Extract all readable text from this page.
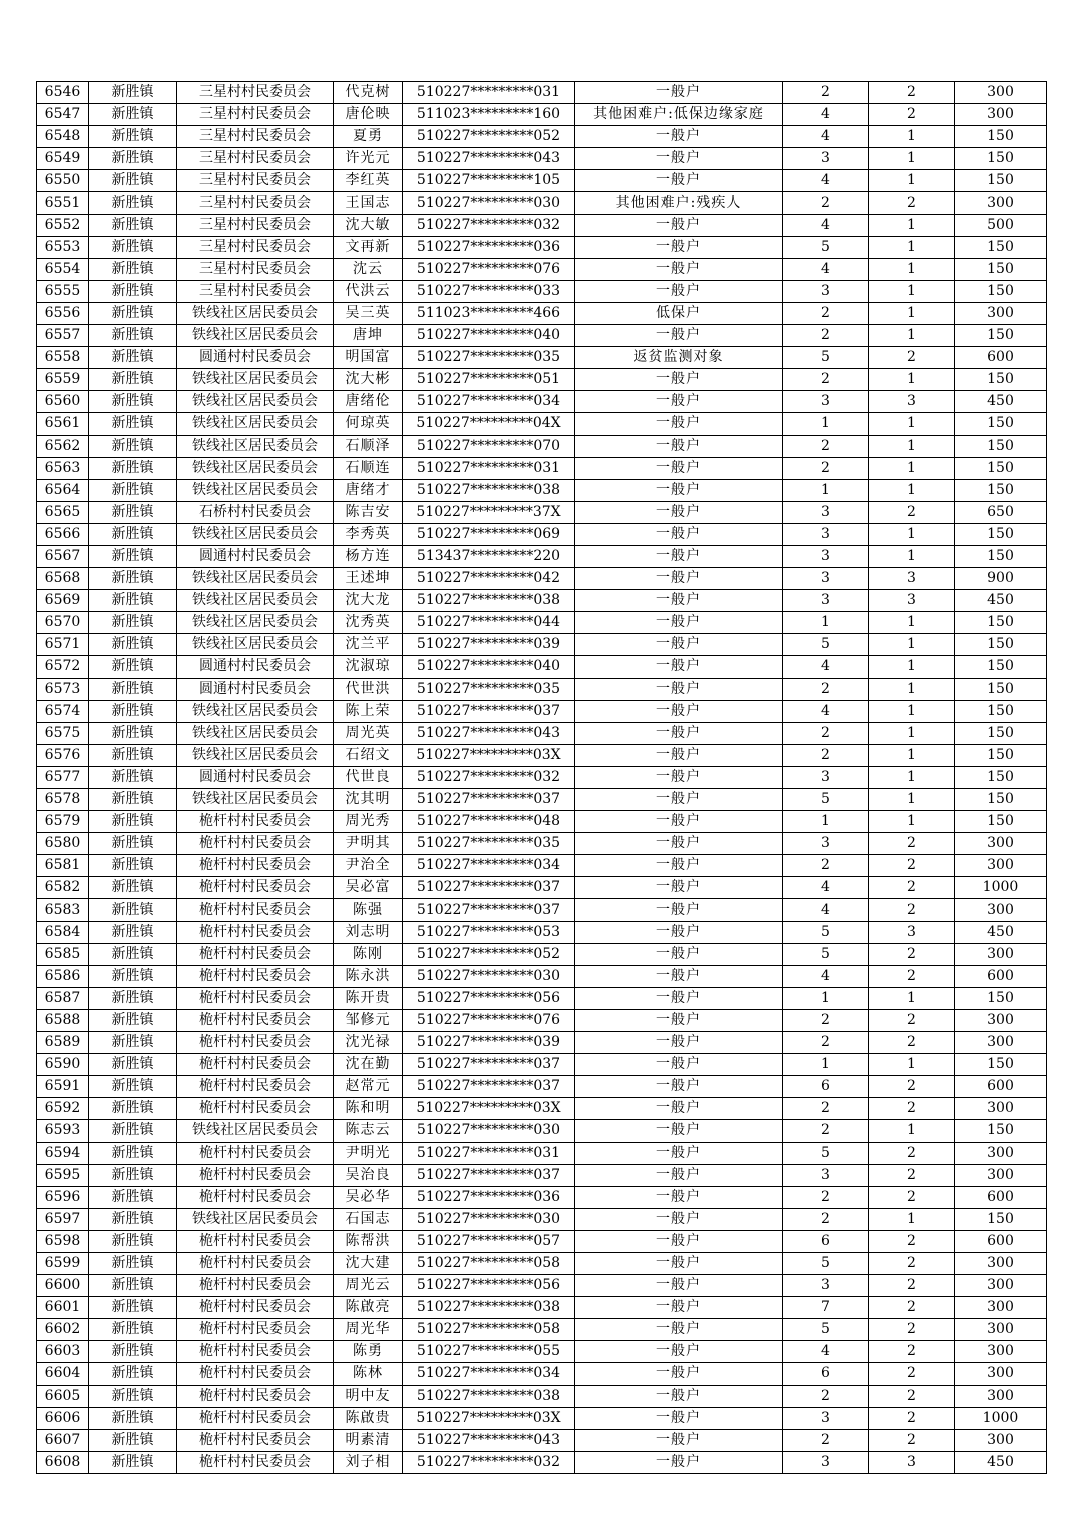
6546	新胜镇	三星村村民委员会	代克树	510227*********031	一般户	2	2	300
6547	新胜镇	三星村村民委员会	唐伦映	511023*********160	其他困难户:低保边缘家庭	4	2	300
6548	新胜镇	三星村村民委员会	夏勇	510227*********052	一般户	4	1	150
6549	新胜镇	三星村村民委员会	许光元	510227*********043	一般户	3	1	150
6550	新胜镇	三星村村民委员会	李红英	510227*********105	一般户	4	1	150
6551	新胜镇	三星村村民委员会	王国志	510227*********030	其他困难户:残疾人	2	2	300
6552	新胜镇	三星村村民委员会	沈大敏	510227*********032	一般户	4	1	500
6553	新胜镇	三星村村民委员会	文再新	510227*********036	一般户	5	1	150
6554	新胜镇	三星村村民委员会	沈云	510227*********076	一般户	4	1	150
6555	新胜镇	三星村村民委员会	代洪云	510227*********033	一般户	3	1	150
6556	新胜镇	铁线社区居民委员会	吴三英	511023*********466	低保户	2	1	300
6557	新胜镇	铁线社区居民委员会	唐坤	510227*********040	一般户	2	1	150
6558	新胜镇	圆通村村民委员会	明国富	510227*********035	返贫监测对象	5	2	600
6559	新胜镇	铁线社区居民委员会	沈大彬	510227*********051	一般户	2	1	150
6560	新胜镇	铁线社区居民委员会	唐绪伦	510227*********034	一般户	3	3	450
6561	新胜镇	铁线社区居民委员会	何琼英	510227*********04X	一般户	1	1	150
6562	新胜镇	铁线社区居民委员会	石顺泽	510227*********070	一般户	2	1	150
6563	新胜镇	铁线社区居民委员会	石顺连	510227*********031	一般户	2	1	150
6564	新胜镇	铁线社区居民委员会	唐绪才	510227*********038	一般户	1	1	150
6565	新胜镇	石桥村村民委员会	陈吉安	510227*********37X	一般户	3	2	650
6566	新胜镇	铁线社区居民委员会	李秀英	510227*********069	一般户	3	1	150
6567	新胜镇	圆通村村民委员会	杨方连	513437*********220	一般户	3	1	150
6568	新胜镇	铁线社区居民委员会	王述坤	510227*********042	一般户	3	3	900
6569	新胜镇	铁线社区居民委员会	沈大龙	510227*********038	一般户	3	3	450
6570	新胜镇	铁线社区居民委员会	沈秀英	510227*********044	一般户	1	1	150
6571	新胜镇	铁线社区居民委员会	沈兰平	510227*********039	一般户	5	1	150
6572	新胜镇	圆通村村民委员会	沈淑琼	510227*********040	一般户	4	1	150
6573	新胜镇	圆通村村民委员会	代世洪	510227*********035	一般户	2	1	150
6574	新胜镇	铁线社区居民委员会	陈上荣	510227*********037	一般户	4	1	150
6575	新胜镇	铁线社区居民委员会	周光英	510227*********043	一般户	2	1	150
6576	新胜镇	铁线社区居民委员会	石绍文	510227*********03X	一般户	2	1	150
6577	新胜镇	圆通村村民委员会	代世良	510227*********032	一般户	3	1	150
6578	新胜镇	铁线社区居民委员会	沈其明	510227*********037	一般户	5	1	150
6579	新胜镇	桅杆村村民委员会	周光秀	510227*********048	一般户	1	1	150
6580	新胜镇	桅杆村村民委员会	尹明其	510227*********035	一般户	3	2	300
6581	新胜镇	桅杆村村民委员会	尹治全	510227*********034	一般户	2	2	300
6582	新胜镇	桅杆村村民委员会	吴必富	510227*********037	一般户	4	2	1000
6583	新胜镇	桅杆村村民委员会	陈强	510227*********037	一般户	4	2	300
6584	新胜镇	桅杆村村民委员会	刘志明	510227*********053	一般户	5	3	450
6585	新胜镇	桅杆村村民委员会	陈刚	510227*********052	一般户	5	2	300
6586	新胜镇	桅杆村村民委员会	陈永洪	510227*********030	一般户	4	2	600
6587	新胜镇	桅杆村村民委员会	陈开贵	510227*********056	一般户	1	1	150
6588	新胜镇	桅杆村村民委员会	邹修元	510227*********076	一般户	2	2	300
6589	新胜镇	桅杆村村民委员会	沈光禄	510227*********039	一般户	2	2	300
6590	新胜镇	桅杆村村民委员会	沈在勤	510227*********037	一般户	1	1	150
6591	新胜镇	桅杆村村民委员会	赵常元	510227*********037	一般户	6	2	600
6592	新胜镇	桅杆村村民委员会	陈和明	510227*********03X	一般户	2	2	300
6593	新胜镇	铁线社区居民委员会	陈志云	510227*********030	一般户	2	1	150
6594	新胜镇	桅杆村村民委员会	尹明光	510227*********031	一般户	5	2	300
6595	新胜镇	桅杆村村民委员会	吴治良	510227*********037	一般户	3	2	300
6596	新胜镇	桅杆村村民委员会	吴必华	510227*********036	一般户	2	2	600
6597	新胜镇	铁线社区居民委员会	石国志	510227*********030	一般户	2	1	150
6598	新胜镇	桅杆村村民委员会	陈帮洪	510227*********057	一般户	6	2	600
6599	新胜镇	桅杆村村民委员会	沈大建	510227*********058	一般户	5	2	300
6600	新胜镇	桅杆村村民委员会	周光云	510227*********056	一般户	3	2	300
6601	新胜镇	桅杆村村民委员会	陈啟亮	510227*********038	一般户	7	2	300
6602	新胜镇	桅杆村村民委员会	周光华	510227*********058	一般户	5	2	300
6603	新胜镇	桅杆村村民委员会	陈勇	510227*********055	一般户	4	2	300
6604	新胜镇	桅杆村村民委员会	陈林	510227*********034	一般户	6	2	300
6605	新胜镇	桅杆村村民委员会	明中友	510227*********038	一般户	2	2	300
6606	新胜镇	桅杆村村民委员会	陈啟贵	510227*********03X	一般户	3	2	1000
6607	新胜镇	桅杆村村民委员会	明素清	510227*********043	一般户	2	2	300
6608	新胜镇	桅杆村村民委员会	刘子相	510227*********032	一般户	3	3	450
